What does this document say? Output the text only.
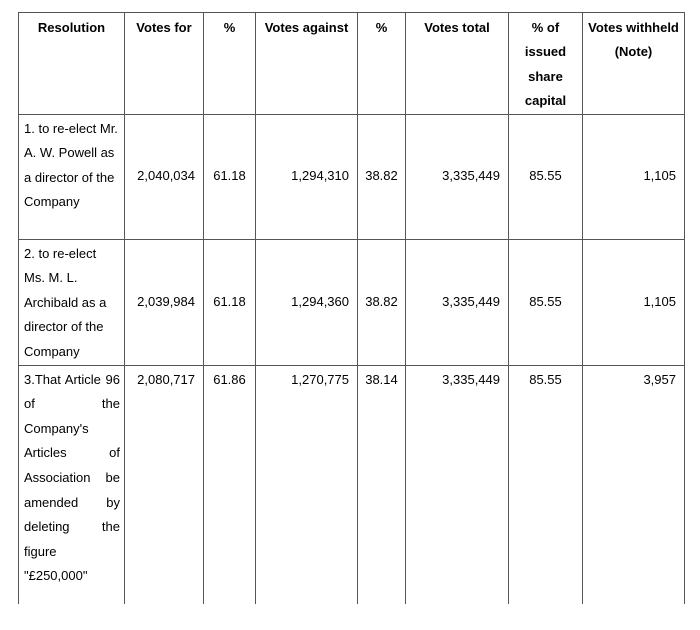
Resolution	Votes for	%	Votes against	%	Votes total	% of issued share capital	Votes withheld (Note)
1. to re-elect Mr. A. W. Powell as a director of the Company	2,040,034	61.18	1,294,310	38.82	3,335,449	85.55	1,105
2. to re-elect Ms. M. L. Archibald as a director of the Company	2,039,984	61.18	1,294,360	38.82	3,335,449	85.55	1,105
3.That Article 96 of the Company's Articles of Association be amended by deleting the figure "£250,000"	2,080,717	61.86	1,270,775	38.14	3,335,449	85.55	3,957
